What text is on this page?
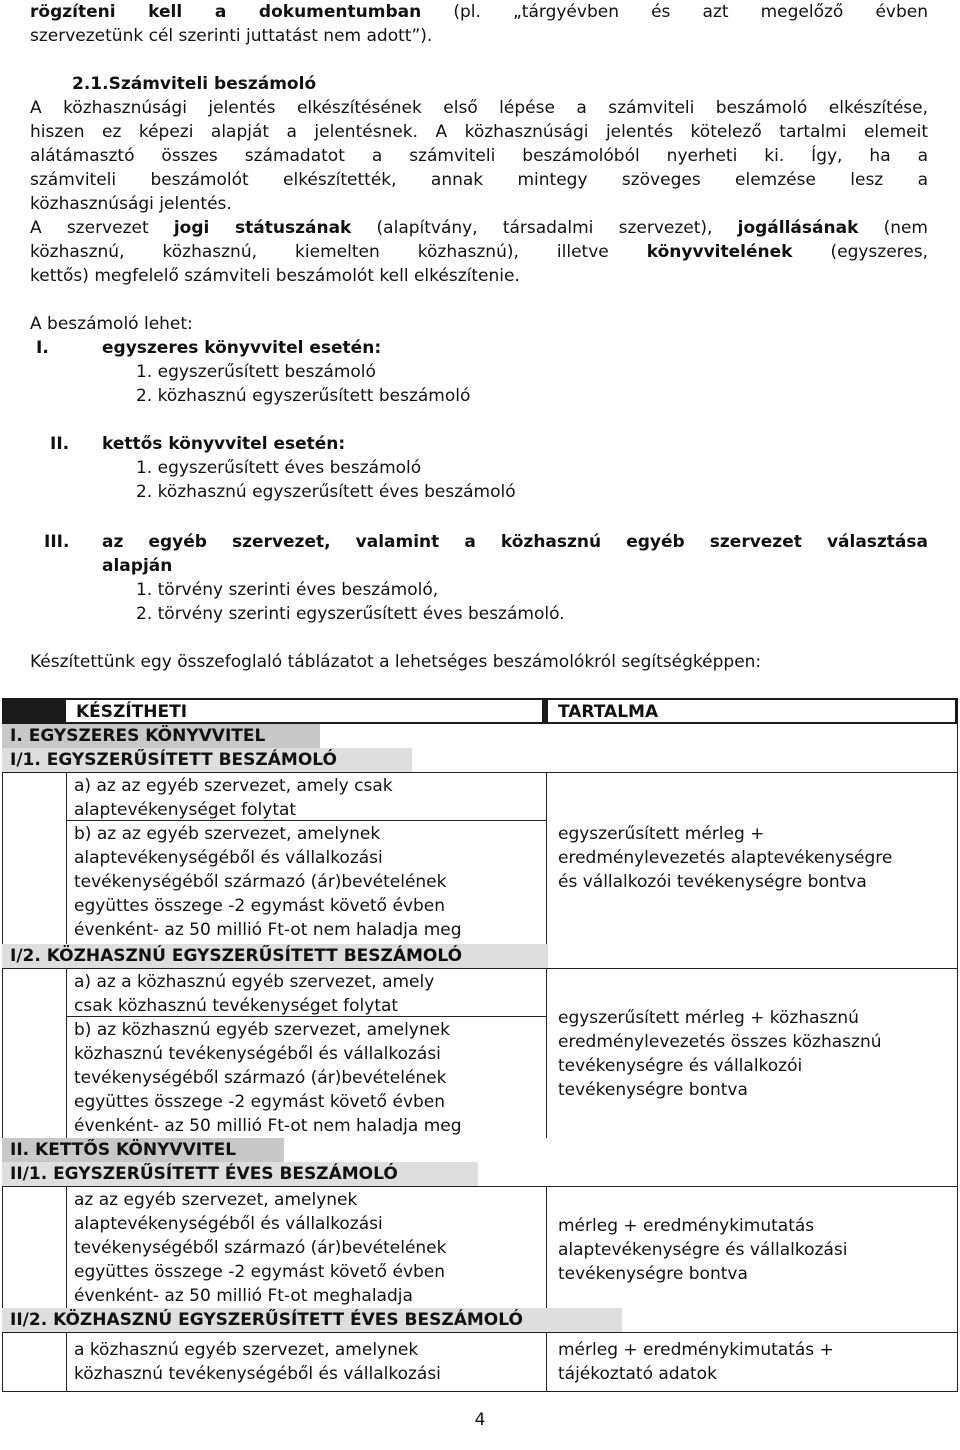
rögzíteni kell a dokumentumban (pl. „tárgyévben és azt megelőző évben
szervezetünk cél szerinti juttatást nem adott”).
2.1.Számviteli beszámoló
A közhasznúsági jelentés elkészítésének első lépése a számviteli beszámoló elkészítése,
hiszen ez képezi alapját a jelentésnek. A közhasznúsági jelentés kötelező tartalmi elemeit
alátámasztó összes számadatot a számviteli beszámolóból nyerheti ki. Így, ha a
számviteli beszámolót elkészítették, annak mintegy szöveges elemzése lesz a
közhasznúsági jelentés.
A szervezet jogi státuszának (alapítvány, társadalmi szervezet), jogállásának (nem
közhasznú, közhasznú, kiemelten közhasznú), illetve könyvvitelének (egyszeres,
kettős) megfelelő számviteli beszámolót kell elkészítenie.
A beszámoló lehet:
I.	egyszeres könyvvitel esetén:
1. egyszerűsített beszámoló
2. közhasznú egyszerűsített beszámoló
II. kettős könyvvitel esetén:
1. egyszerűsített éves beszámoló
2. közhasznú egyszerűsített éves beszámoló
III. az egyéb szervezet, valamint a közhasznú egyéb szervezet választása
alapján
1. törvény szerinti éves beszámoló,
2. törvény szerinti egyszerűsített éves beszámoló.
Készítettünk egy összefoglaló táblázatot a lehetséges beszámolókról segítségképpen:
KÉSZÍTHETI	TARTALMA
I. EGYSZERES KÖNYVVITEL
I/1. EGYSZERŰSÍTETT BESZÁMOLÓ
a) az az egyéb szervezet, amely csak
alaptevékenységet folytat
b) az az egyéb szervezet, amelynek
alaptevékenységéből és vállalkozási
tevékenységéből származó (ár)bevételének
együttes összege -2 egymást követő évben
évenként- az 50 millió Ft-ot nem haladja meg
egyszerűsített mérleg +
eredménylevezetés alaptevékenységre
és vállalkozói tevékenységre bontva
I/2. KÖZHASZNÚ EGYSZERŰSÍTETT BESZÁMOLÓ
a) az a közhasznú egyéb szervezet, amely
csak közhasznú tevékenységet folytat
b) az közhasznú egyéb szervezet, amelynek
közhasznú tevékenységéből és vállalkozási
tevékenységéből származó (ár)bevételének
együttes összege -2 egymást követő évben
évenként- az 50 millió Ft-ot nem haladja meg
egyszerűsített mérleg + közhasznú
eredménylevezetés összes közhasznú
tevékenységre és vállalkozói
tevékenységre bontva
II. KETTŐS KÖNYVVITEL
II/1. EGYSZERŰSÍTETT ÉVES BESZÁMOLÓ
az az egyéb szervezet, amelynek
alaptevékenységéből és vállalkozási
tevékenységéből származó (ár)bevételének
együttes összege -2 egymást követő évben
évenként- az 50 millió Ft-ot meghaladja
mérleg + eredménykimutatás
alaptevékenységre és vállalkozási
tevékenységre bontva
II/2. KÖZHASZNÚ EGYSZERŰSÍTETT ÉVES BESZÁMOLÓ
a közhasznú egyéb szervezet, amelynek
közhasznú tevékenységéből és vállalkozási
mérleg + eredménykimutatás +
tájékoztató adatok
4
